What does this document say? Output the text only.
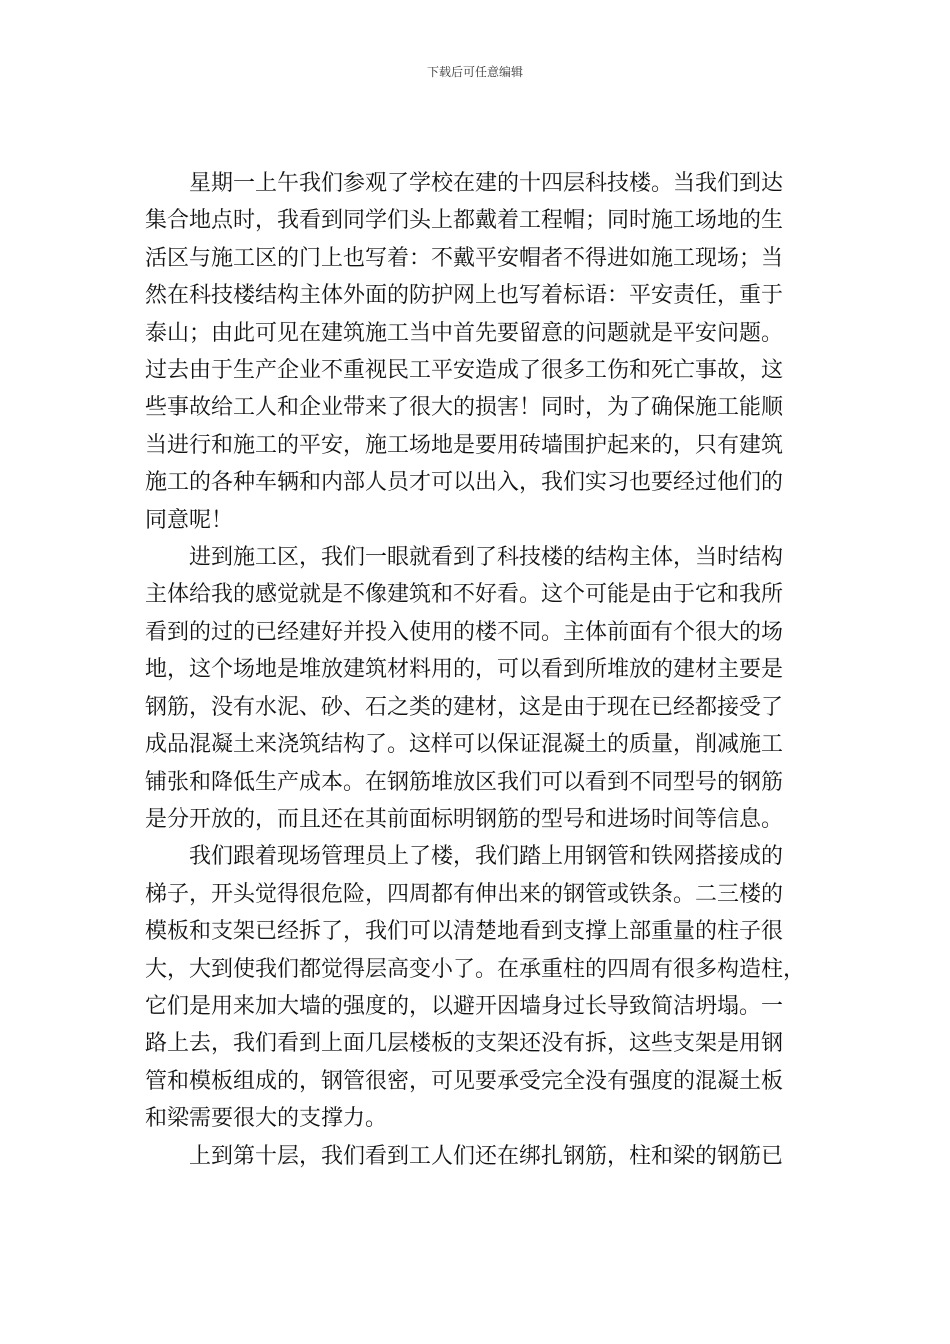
下载后可任意编辑
星期一上午我们参观了学校在建的十四层科技楼。当我们到达
集合地点时，我看到同学们头上都戴着工程帽；同时施工场地的生
活区与施工区的门上也写着：不戴平安帽者不得进如施工现场；当
然在科技楼结构主体外面的防护网上也写着标语：平安责任，重于
泰山；由此可见在建筑施工当中首先要留意的问题就是平安问题。
过去由于生产企业不重视民工平安造成了很多工伤和死亡事故，这
些事故给工人和企业带来了很大的损害！同时，为了确保施工能顺
当进行和施工的平安，施工场地是要用砖墙围护起来的，只有建筑
施工的各种车辆和内部人员才可以出入，我们实习也要经过他们的
同意呢！
进到施工区，我们一眼就看到了科技楼的结构主体，当时结构
主体给我的感觉就是不像建筑和不好看。这个可能是由于它和我所
看到的过的已经建好并投入使用的楼不同。主体前面有个很大的场
地，这个场地是堆放建筑材料用的，可以看到所堆放的建材主要是
钢筋，没有水泥、砂、石之类的建材，这是由于现在已经都接受了
成品混凝土来浇筑结构了。这样可以保证混凝土的质量，削减施工
铺张和降低生产成本。在钢筋堆放区我们可以看到不同型号的钢筋
是分开放的，而且还在其前面标明钢筋的型号和进场时间等信息。
我们跟着现场管理员上了楼，我们踏上用钢管和铁网搭接成的
梯子，开头觉得很危险，四周都有伸出来的钢管或铁条。二三楼的
模板和支架已经拆了，我们可以清楚地看到支撑上部重量的柱子很
大，大到使我们都觉得层高变小了。在承重柱的四周有很多构造柱，
它们是用来加大墙的强度的，以避开因墙身过长导致简洁坍塌。一
路上去，我们看到上面几层楼板的支架还没有拆，这些支架是用钢
管和模板组成的，钢管很密，可见要承受完全没有强度的混凝土板
和梁需要很大的支撑力。
上到第十层，我们看到工人们还在绑扎钢筋，柱和梁的钢筋已
